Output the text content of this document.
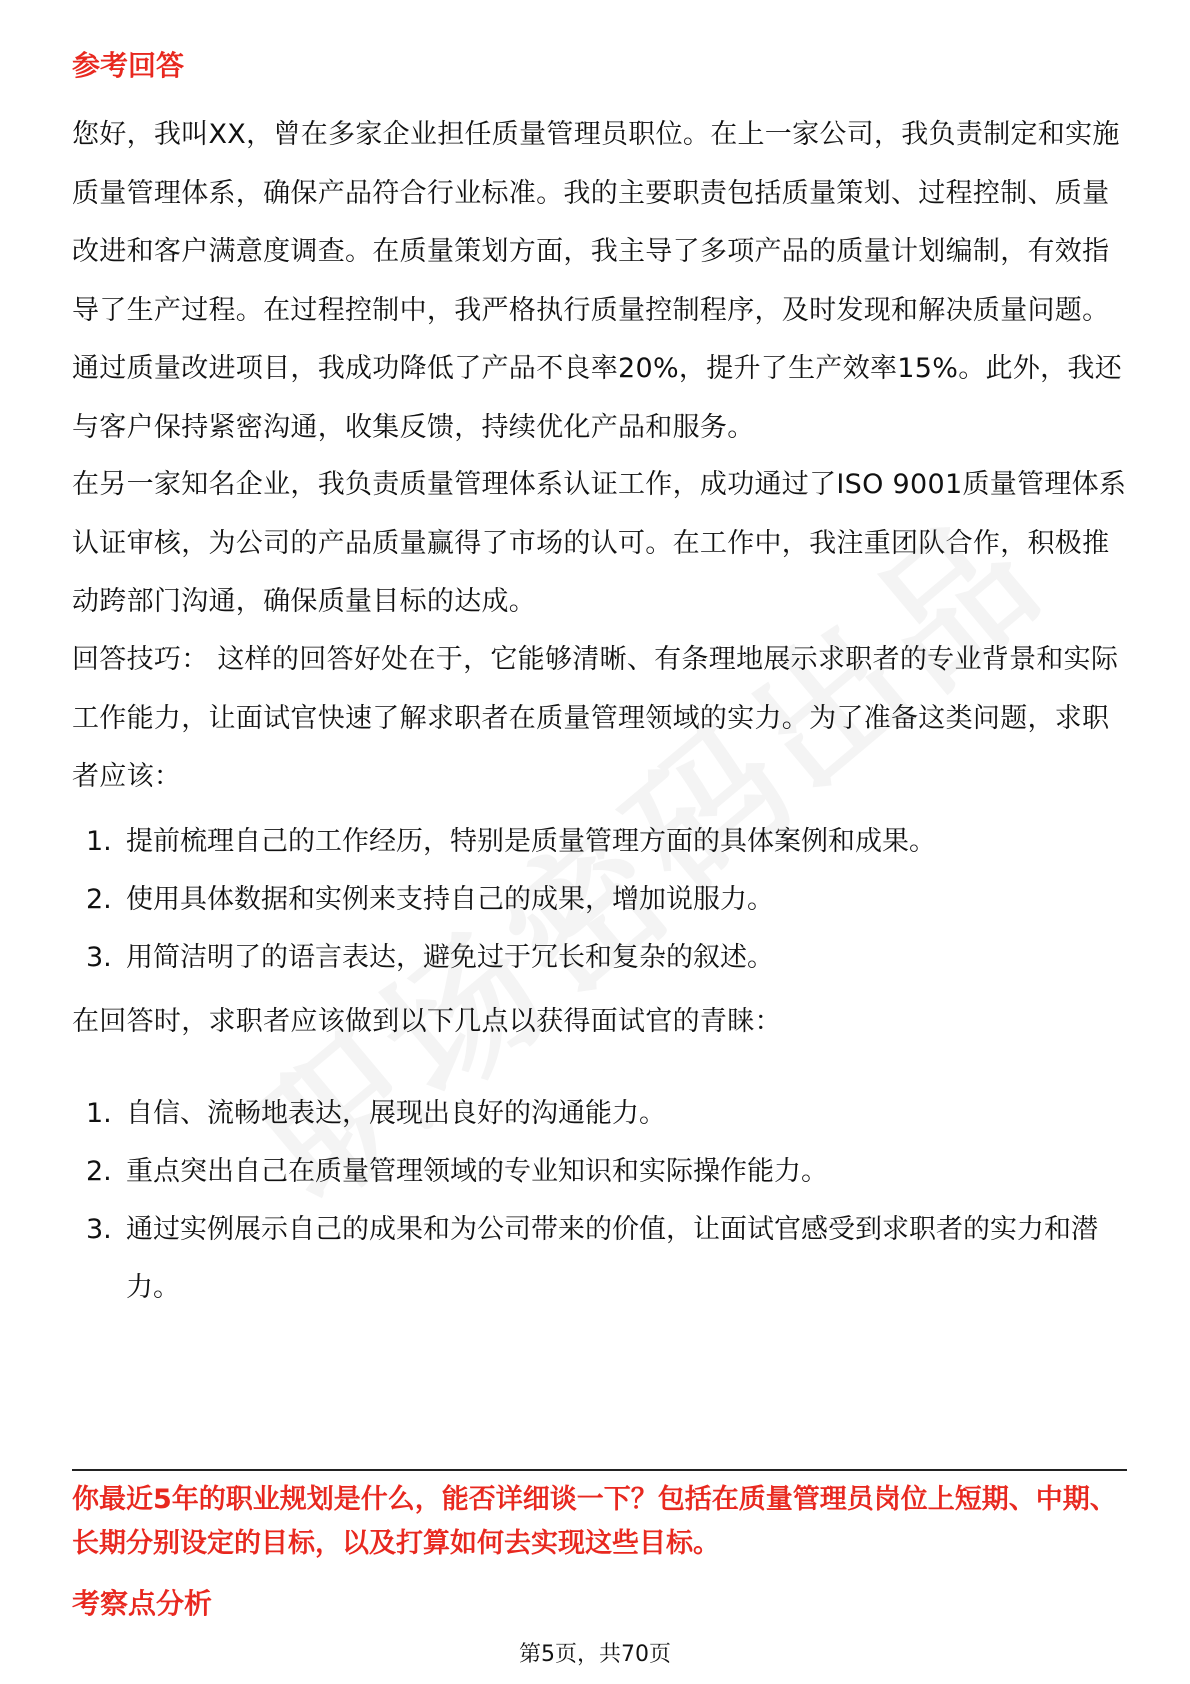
参考回答

您好，我叫XX，曾在多家企业担任质量管理员职位。在上一家公司，我负责制定和实施质量管理体系，确保产品符合行业标准。我的主要职责包括质量策划、过程控制、质量改进和客户满意度调查。在质量策划方面，我主导了多项产品的质量计划编制，有效指导了生产过程。在过程控制中，我严格执行质量控制程序，及时发现和解决质量问题。通过质量改进项目，我成功降低了产品不良率20%，提升了生产效率15%。此外，我还与客户保持紧密沟通，收集反馈，持续优化产品和服务。

在另一家知名企业，我负责质量管理体系认证工作，成功通过了ISO 9001质量管理体系认证审核，为公司的产品质量赢得了市场的认可。在工作中，我注重团队合作，积极推动跨部门沟通，确保质量目标的达成。

回答技巧： 这样的回答好处在于，它能够清晰、有条理地展示求职者的专业背景和实际工作能力，让面试官快速了解求职者在质量管理领域的实力。为了准备这类问题，求职者应该：

1. 提前梳理自己的工作经历，特别是质量管理方面的具体案例和成果。
2. 使用具体数据和实例来支持自己的成果，增加说服力。
3. 用简洁明了的语言表达，避免过于冗长和复杂的叙述。

在回答时，求职者应该做到以下几点以获得面试官的青睐：

1. 自信、流畅地表达，展现出良好的沟通能力。
2. 重点突出自己在质量管理领域的专业知识和实际操作能力。
3. 通过实例展示自己的成果和为公司带来的价值，让面试官感受到求职者的实力和潜力。

你最近5年的职业规划是什么，能否详细谈一下？包括在质量管理员岗位上短期、中期、长期分别设定的目标，以及打算如何去实现这些目标。

考察点分析
第5页，共70页
